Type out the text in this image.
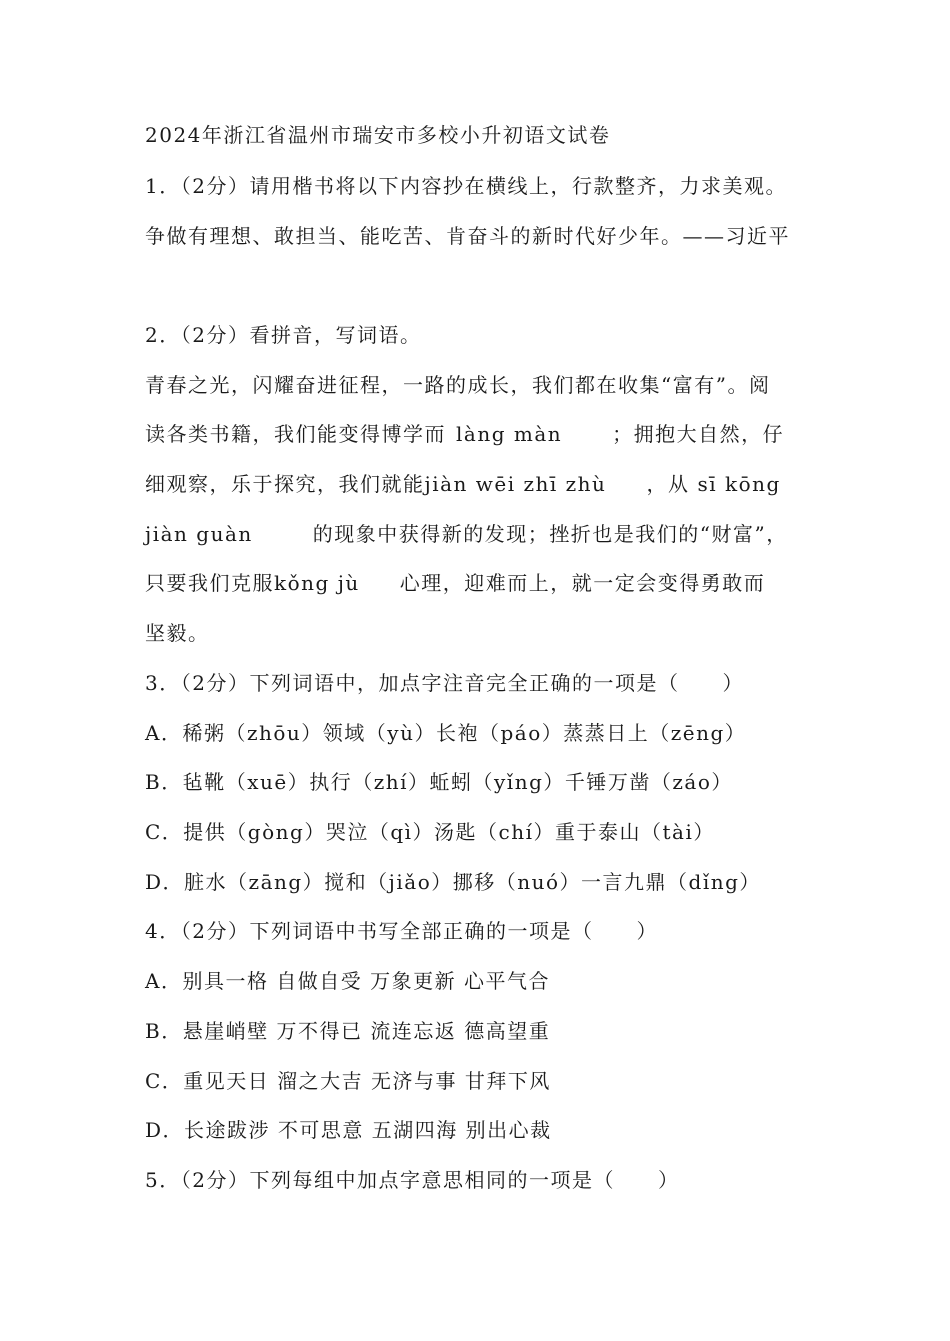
2024年浙江省温州市瑞安市多校小升初语文试卷
1．（2分）请用楷书将以下内容抄在横线上，行款整齐，力求美观。
争做有理想、敢担当、能吃苦、肯奋斗的新时代好少年。——习近平
2．（2分）看拼音，写词语。
青春之光，闪耀奋进征程，一路的成长，我们都在收集“富有”。阅
读各类书籍，我们能变得博学而 làng màn	；拥抱大自然，仔
细观察，乐于探究，我们就能jiàn wēi zhī zhù ，从 sī kōng
jiàn guàn	的现象中获得新的发现；挫折也是我们的“财富”，
只要我们克服kǒng jù 心理，迎难而上，就一定会变得勇敢而
坚毅。
3．（2分）下列词语中，加点字注音完全正确的一项是（　　）
A．稀粥（zhōu）领域（yù）长袍（páo）蒸蒸日上（zēng）
B．毡靴（xuē）执行（zhí）蚯蚓（yǐng）千锤万凿（záo）
C．提供（gòng）哭泣（qì）汤匙（chí）重于泰山（tài）
D．脏水（zāng）搅和（jiǎo）挪移（nuó）一言九鼎（dǐng）
4．（2分）下列词语中书写全部正确的一项是（　　）
A．别具一格 自做自受 万象更新 心平气合
B．悬崖峭壁 万不得已 流连忘返 德高望重
C．重见天日 溜之大吉 无济与事 甘拜下风
D．长途跋涉 不可思意 五湖四海 别出心裁
5．（2分）下列每组中加点字意思相同的一项是（　　）
